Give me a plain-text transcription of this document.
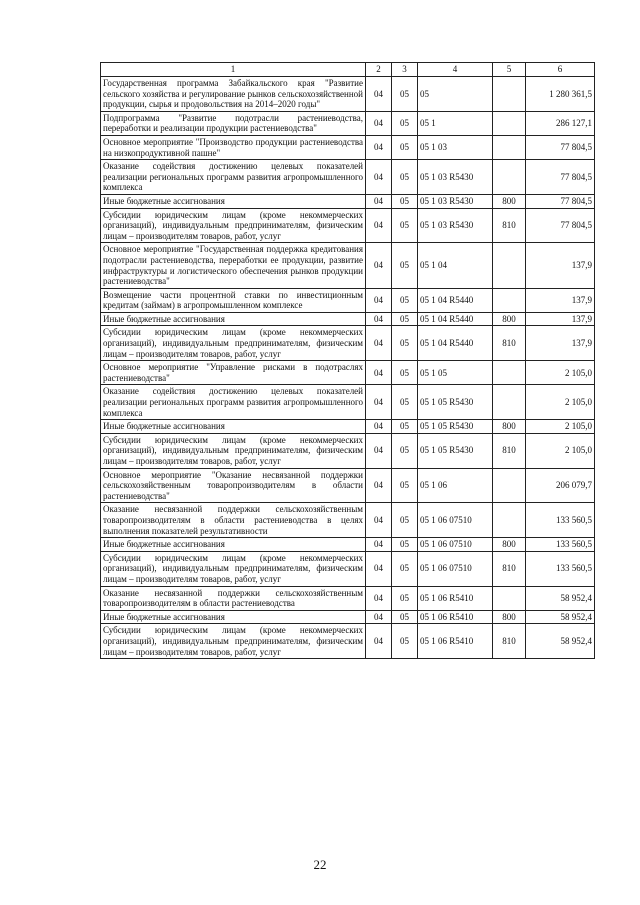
1	2	3	4	5	6
Государственная программа Забайкальского края "Развитие сельского хозяйства и регулирование рынков сельскохозяйственной продукции, сырья и продовольствия на 2014–2020 годы"	04	05	05		1 280 361,5
Подпрограмма "Развитие подотрасли растениеводства, переработки и реализации продукции растениеводства"	04	05	05 1		286 127,1
Основное мероприятие "Производство продукции растениеводства на низкопродуктивной пашне"	04	05	05 1 03		77 804,5
Оказание содействия достижению целевых показателей реализации региональных программ развития агропромышленного комплекса	04	05	05 1 03 R5430		77 804,5
Иные бюджетные ассигнования	04	05	05 1 03 R5430	800	77 804,5
Субсидии юридическим лицам (кроме некоммерческих организаций), индивидуальным предпринимателям, физическим лицам – производителям товаров, работ, услуг	04	05	05 1 03 R5430	810	77 804,5
Основное мероприятие "Государственная поддержка кредитования подотрасли растениеводства, переработки ее продукции, развитие инфраструктуры и логистического обеспечения рынков продукции растениеводства"	04	05	05 1 04		137,9
Возмещение части процентной ставки по инвестиционным кредитам (займам) в агропромышленном комплексе	04	05	05 1 04 R5440		137,9
Иные бюджетные ассигнования	04	05	05 1 04 R5440	800	137,9
Субсидии юридическим лицам (кроме некоммерческих организаций), индивидуальным предпринимателям, физическим лицам – производителям товаров, работ, услуг	04	05	05 1 04 R5440	810	137,9
Основное мероприятие "Управление рисками в подотраслях растениеводства"	04	05	05 1 05		2 105,0
Оказание содействия достижению целевых показателей реализации региональных программ развития агропромышленного комплекса	04	05	05 1 05 R5430		2 105,0
Иные бюджетные ассигнования	04	05	05 1 05 R5430	800	2 105,0
Субсидии юридическим лицам (кроме некоммерческих организаций), индивидуальным предпринимателям, физическим лицам – производителям товаров, работ, услуг	04	05	05 1 05 R5430	810	2 105,0
Основное мероприятие "Оказание несвязанной поддержки сельскохозяйственным товаропроизводителям в области растениеводства"	04	05	05 1 06		206 079,7
Оказание несвязанной поддержки сельскохозяйственным товаропроизводителям в области растениеводства в целях выполнения показателей результативности	04	05	05 1 06 07510		133 560,5
Иные бюджетные ассигнования	04	05	05 1 06 07510	800	133 560,5
Субсидии юридическим лицам (кроме некоммерческих организаций), индивидуальным предпринимателям, физическим лицам – производителям товаров, работ, услуг	04	05	05 1 06 07510	810	133 560,5
Оказание несвязанной поддержки сельскохозяйственным товаропроизводителям в области растениеводства	04	05	05 1 06 R5410		58 952,4
Иные бюджетные ассигнования	04	05	05 1 06 R5410	800	58 952,4
Субсидии юридическим лицам (кроме некоммерческих организаций), индивидуальным предпринимателям, физическим лицам – производителям товаров, работ, услуг	04	05	05 1 06 R5410	810	58 952,4
22
